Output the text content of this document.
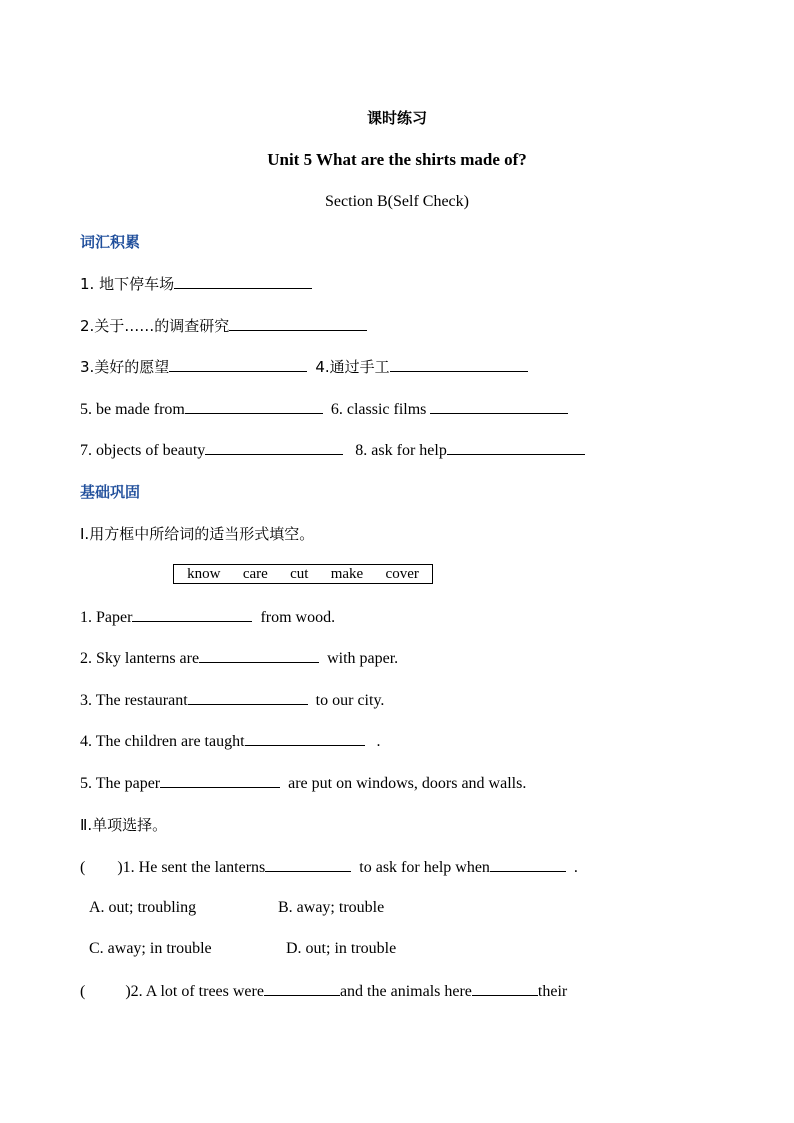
课时练习
Unit 5 What are the shirts made of?
Section B(Self Check)
词汇积累
1. 地下停车场
2.关于……的调查研究
3.美好的愿望	4.通过手工
5. be made from	6. classic films
7. objects of beauty	8. ask for help
基础巩固
I.用方框中所给词的适当形式填空。
know care cut make cover
1. Paper	from wood.
2. Sky lanterns are	with paper.
3. The restaurant	to our city.
4. The children are taught	.
5. The paper	are put on windows, doors and walls.
Ⅱ.单项选择。
(        )1. He sent the lanterns	to ask for help when	.
A. out; troubling	B. away; trouble
C. away; in trouble	D. out; in trouble
(          )2. A lot of trees were	and the animals here	their
